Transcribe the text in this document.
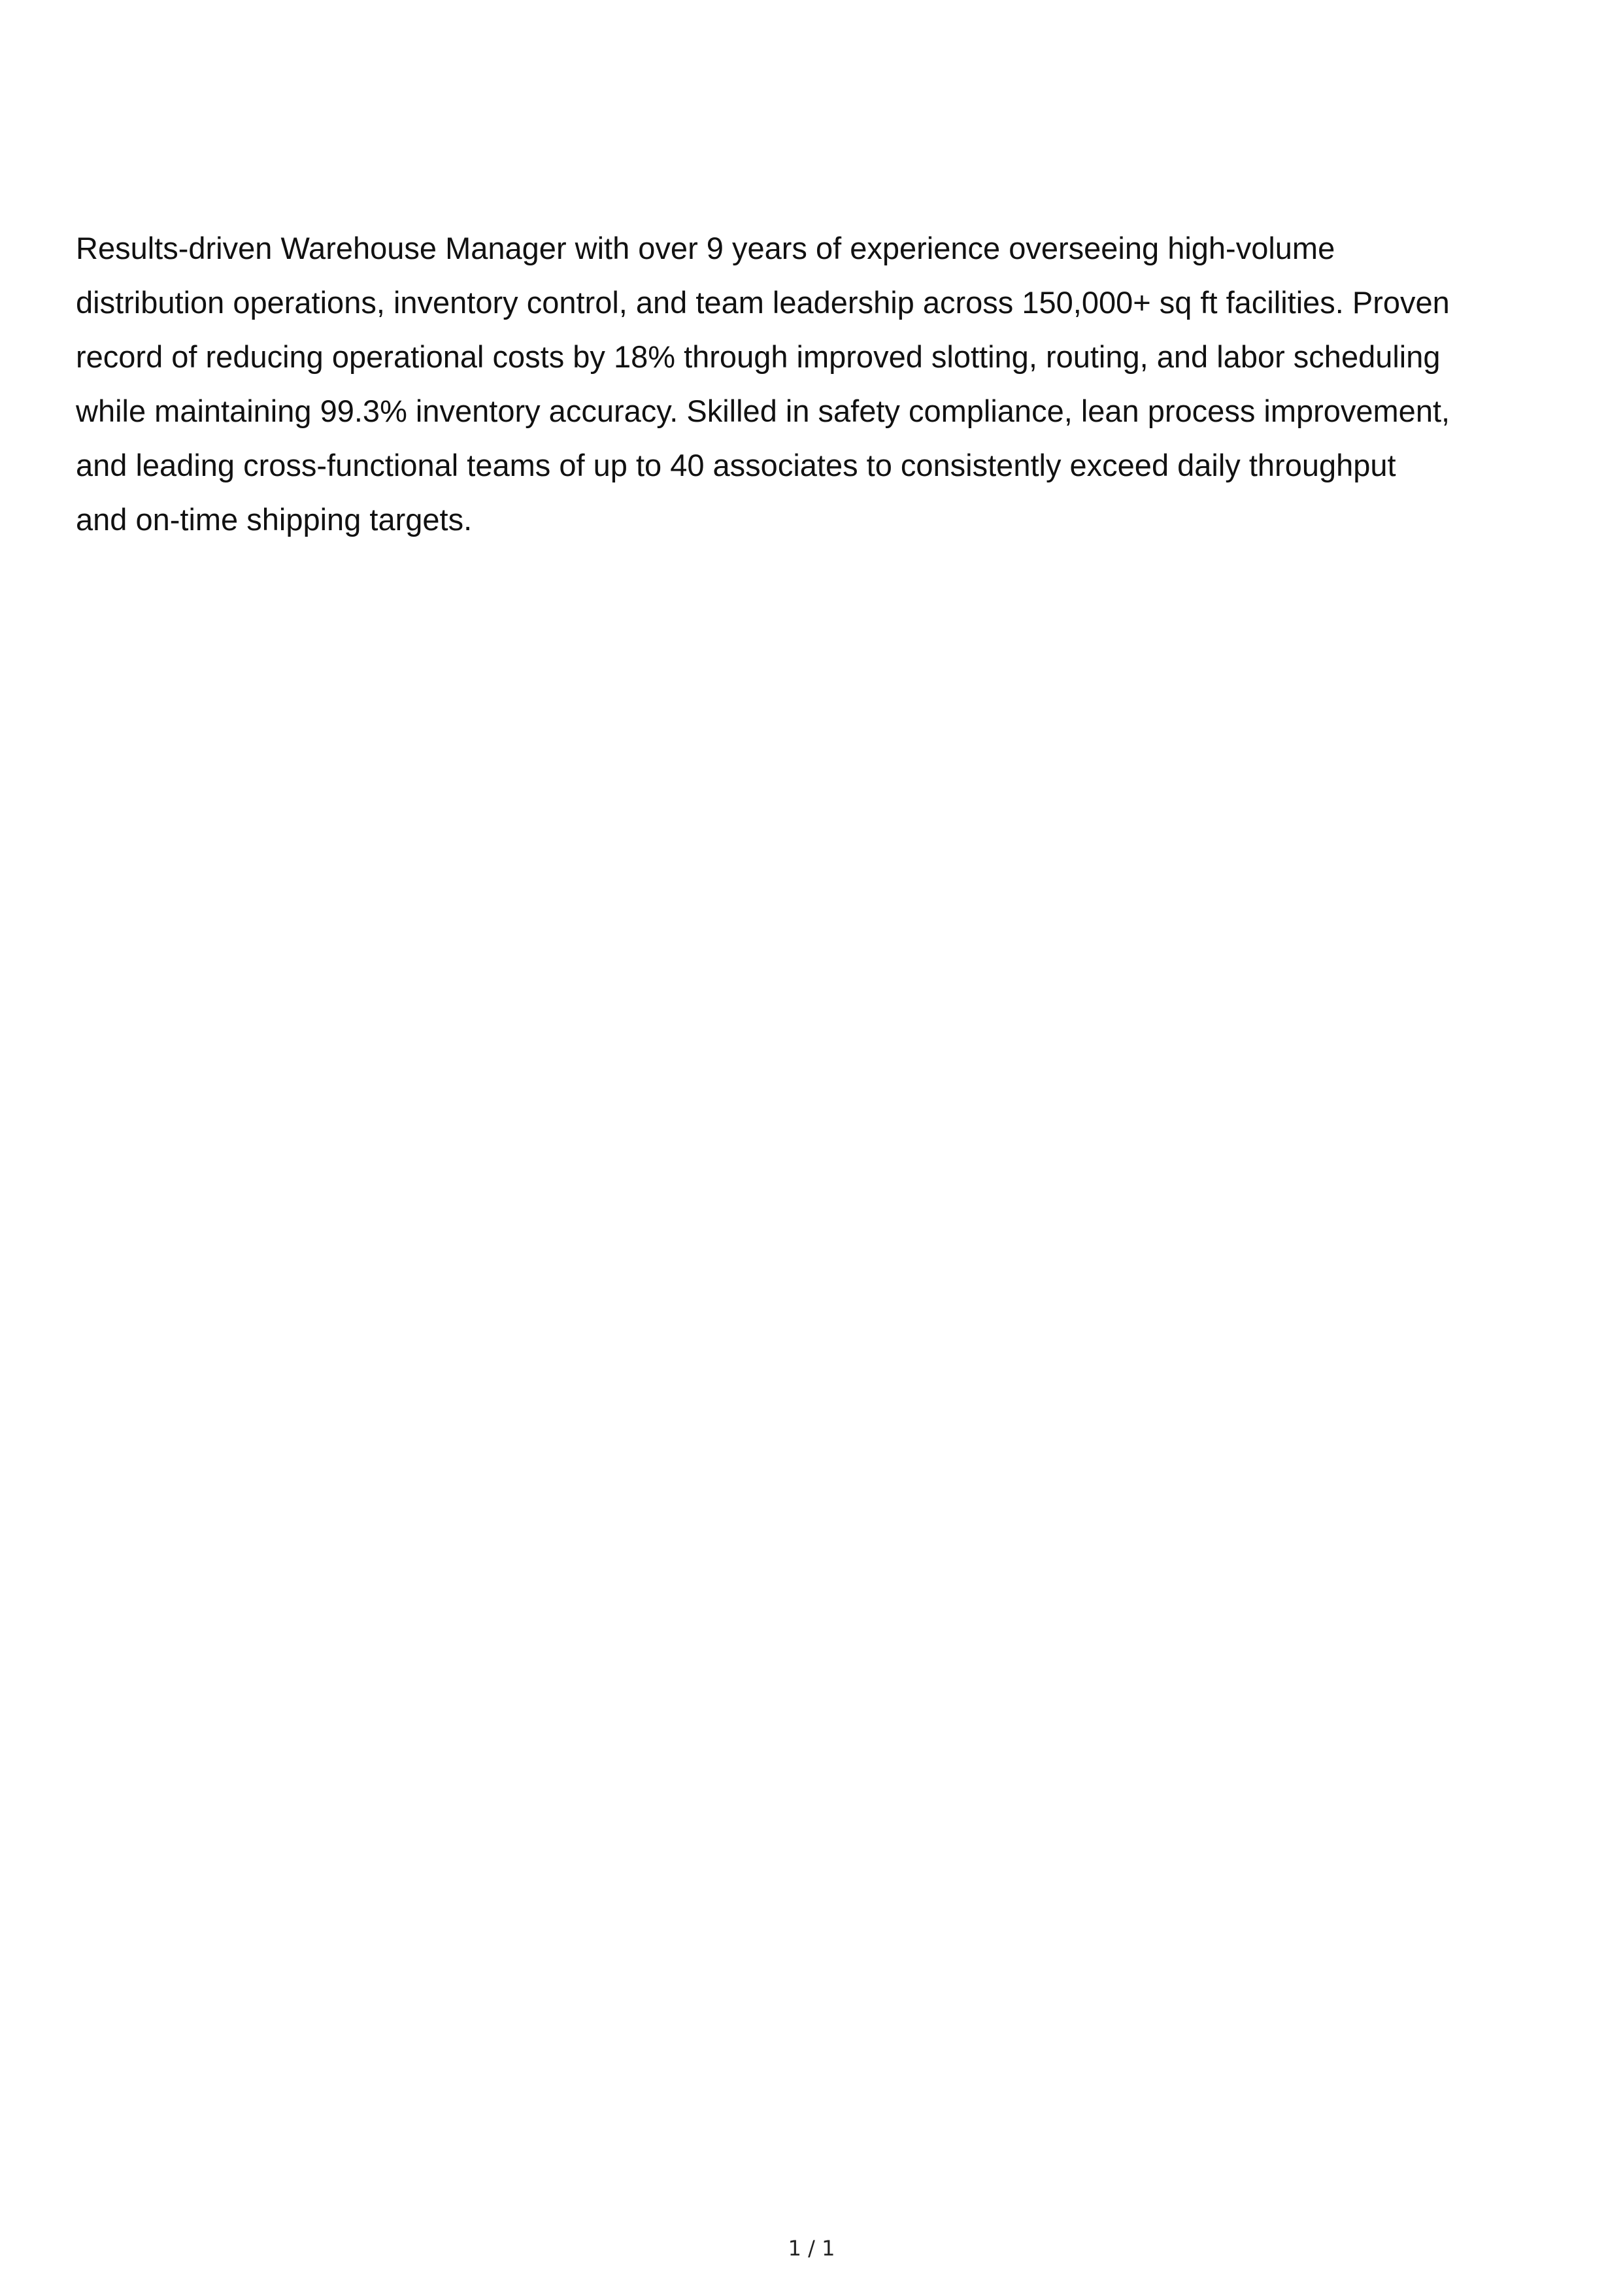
Results-driven Warehouse Manager with over 9 years of experience overseeing high-volume
distribution operations, inventory control, and team leadership across 150,000+ sq ft facilities. Proven
record of reducing operational costs by 18% through improved slotting, routing, and labor scheduling
while maintaining 99.3% inventory accuracy. Skilled in safety compliance, lean process improvement,
and leading cross-functional teams of up to 40 associates to consistently exceed daily throughput
and on-time shipping targets.

1 / 1
